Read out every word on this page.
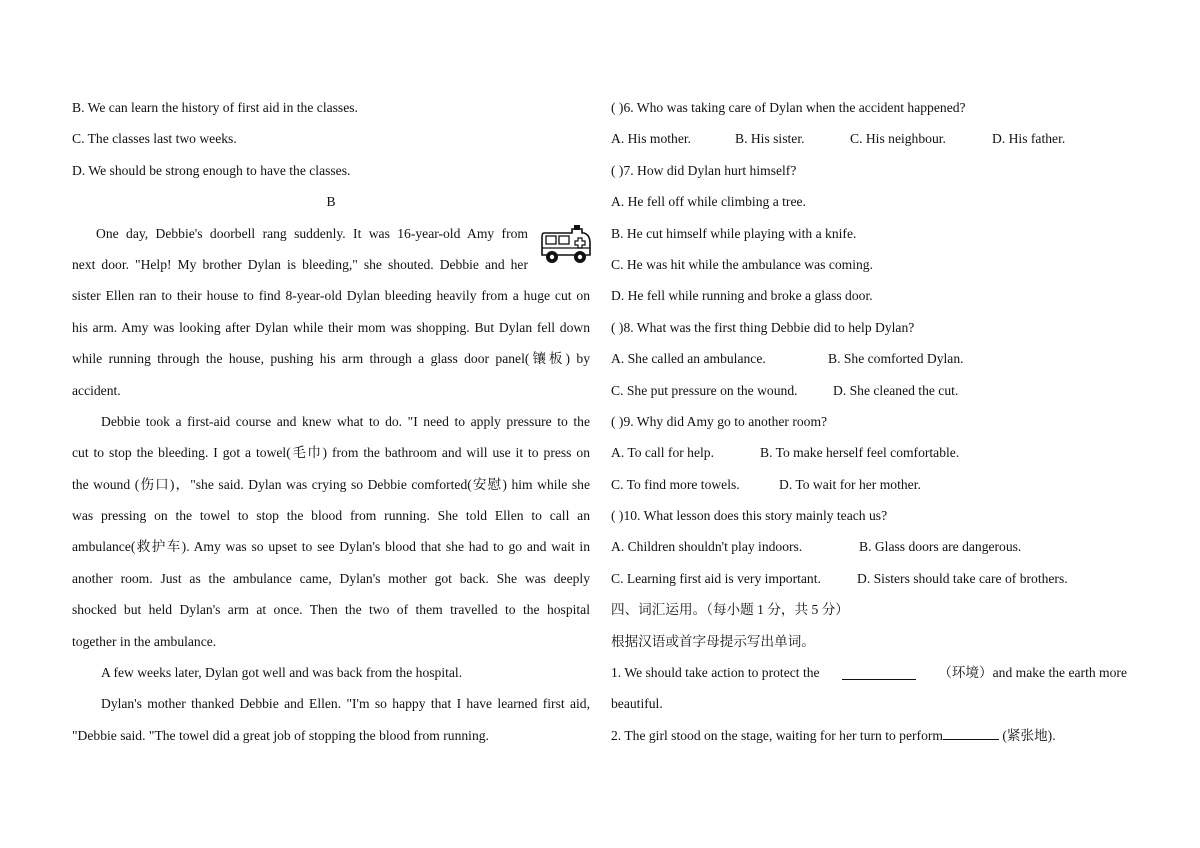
B. We can learn the history of first aid in the classes.
C. The classes last two weeks.
D. We should be strong enough to have the classes.
B
One day, Debbie's doorbell rang suddenly. It was 16-year-old Amy from
next door. "Help! My brother Dylan is bleeding," she shouted. Debbie and her
sister Ellen ran to their house to find 8-year-old Dylan bleeding heavily from a huge cut on
his arm. Amy was looking after Dylan while their mom was shopping. But Dylan fell down
while running through the house, pushing his arm through a glass door panel(镶板) by
accident.
Debbie took a first-aid course and knew what to do. "I need to apply pressure to the
cut to stop the bleeding. I got a towel(毛巾) from the bathroom and will use it to press on
the wound (伤口)，"she said. Dylan was crying so Debbie comforted(安慰) him while she
was pressing on the towel to stop the blood from running. She told Ellen to call an
ambulance(救护车). Amy was so upset to see Dylan's blood that she had to go and wait in
another room. Just as the ambulance came, Dylan's mother got back. She was deeply
shocked but held Dylan's arm at once. Then the two of them travelled to the hospital
together in the ambulance.
A few weeks later, Dylan got well and was back from the hospital.
Dylan's mother thanked Debbie and Ellen. "I'm so happy that I have learned first aid,
"Debbie said. "The towel did a great job of stopping the blood from running.
( )6. Who was taking care of Dylan when the accident happened?
A. His mother.	B. His sister.	C. His neighbour.	D. His father.
( )7. How did Dylan hurt himself?
A. He fell off while climbing a tree.
B. He cut himself while playing with a knife.
C. He was hit while the ambulance was coming.
D. He fell while running and broke a glass door.
( )8. What was the first thing Debbie did to help Dylan?
A. She called an ambulance.	B. She comforted Dylan.
C. She put pressure on the wound.	D. She cleaned the cut.
( )9. Why did Amy go to another room?
A. To call for help.	B. To make herself feel comfortable.
C. To find more towels.	D. To wait for her mother.
( )10. What lesson does this story mainly teach us?
A. Children shouldn't play indoors.	B. Glass doors are dangerous.
C. Learning first aid is very important.	D. Sisters should take care of brothers.
四、词汇运用。（每小题 1 分，共 5 分）
根据汉语或首字母提示写出单词。
1. We should take action to protect the	（环境）and make the earth more
beautiful.
2. The girl stood on the stage, waiting for her turn to perform	(紧张地).
